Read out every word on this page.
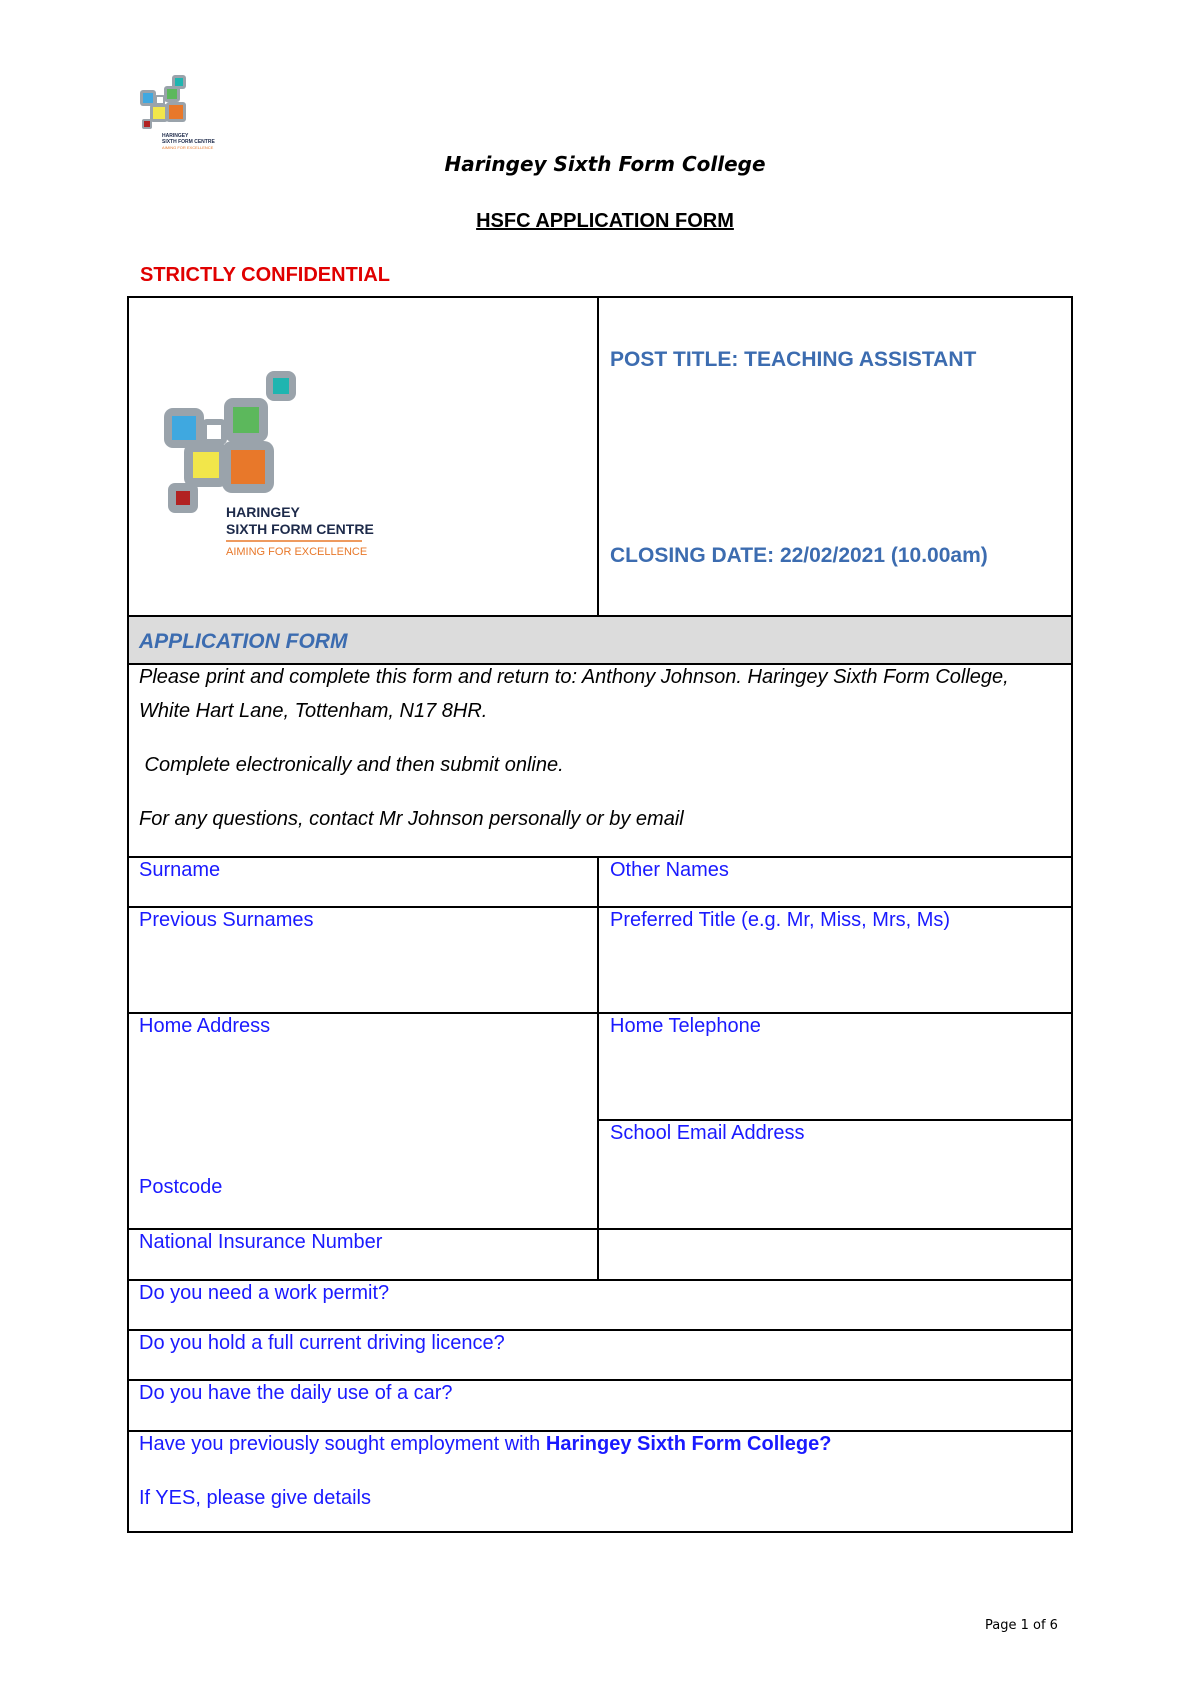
HARINGEY
SIXTH FORM CENTRE
AIMING FOR EXCELLENCE
Haringey Sixth Form College
HSFC APPLICATION FORM
STRICTLY CONFIDENTIAL
HARINGEY
SIXTH FORM CENTRE
AIMING FOR EXCELLENCE
POST TITLE: TEACHING ASSISTANT
CLOSING DATE: 22/02/2021 (10.00am)
APPLICATION FORM
Please print and complete this form and return to: Anthony Johnson. Haringey Sixth Form College,
White Hart Lane, Tottenham, N17 8HR.
Complete electronically and then submit online.
For any questions, contact Mr Johnson personally or by email
Surname	Other Names
Previous Surnames	Preferred Title (e.g. Mr, Miss, Mrs, Ms)
Home Address
Postcode
Home Telephone
School Email Address
National Insurance Number
Do you need a work permit?
Do you hold a full current driving licence?
Do you have the daily use of a car?
Have you previously sought employment with Haringey Sixth Form College?
If YES, please give details
Page 1 of 6
